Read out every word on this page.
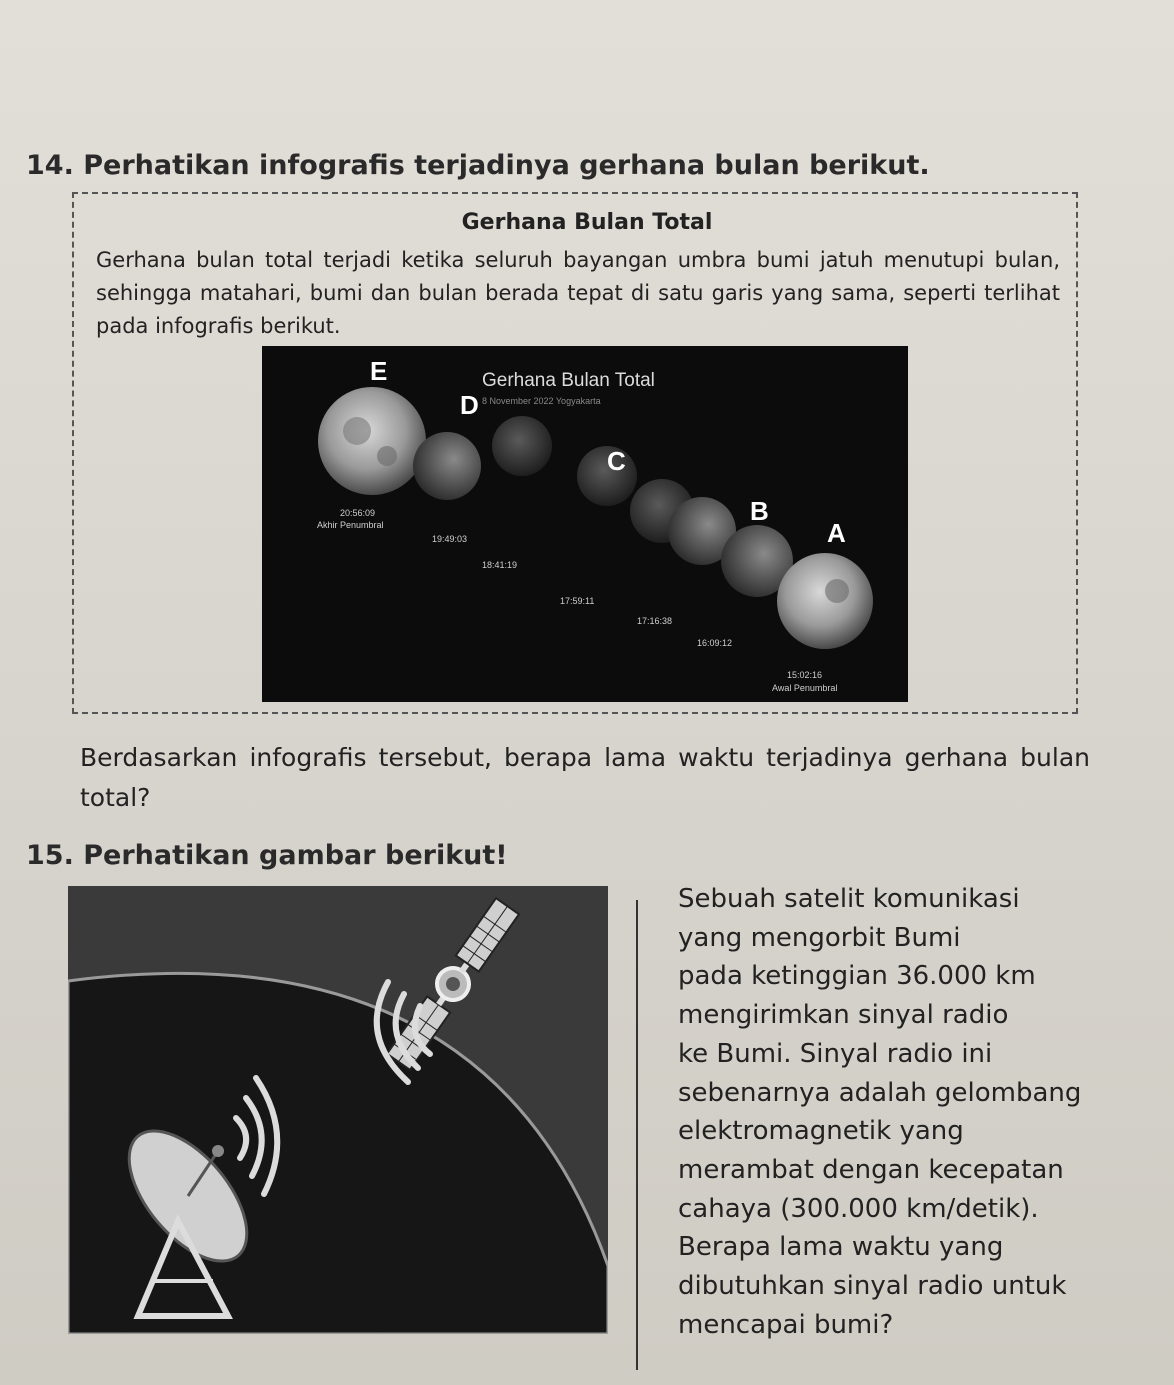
14. Perhatikan infografis terjadinya gerhana bulan berikut.
Gerhana Bulan Total
Gerhana bulan total terjadi ketika seluruh bayangan umbra bumi jatuh menutupi bulan, sehingga matahari, bumi dan bulan berada tepat di satu garis yang sama, seperti terlihat pada infografis berikut.
Gerhana Bulan Total
8 November 2022 Yogyakarta
E
D
C
B
A
20:56:09
Akhir Penumbral
19:49:03
18:41:19
17:59:11
17:16:38
16:09:12
15:02:16
Awal Penumbral
Berdasarkan infografis tersebut, berapa lama waktu terjadinya gerhana bulan total?
15. Perhatikan gambar berikut!
Sebuah satelit komunikasi
yang mengorbit Bumi
pada ketinggian 36.000 km
mengirimkan sinyal radio
ke Bumi. Sinyal radio ini
sebenarnya adalah gelombang
elektromagnetik yang
merambat dengan kecepatan
cahaya (300.000 km/detik).
Berapa lama waktu yang
dibutuhkan sinyal radio untuk
mencapai bumi?
